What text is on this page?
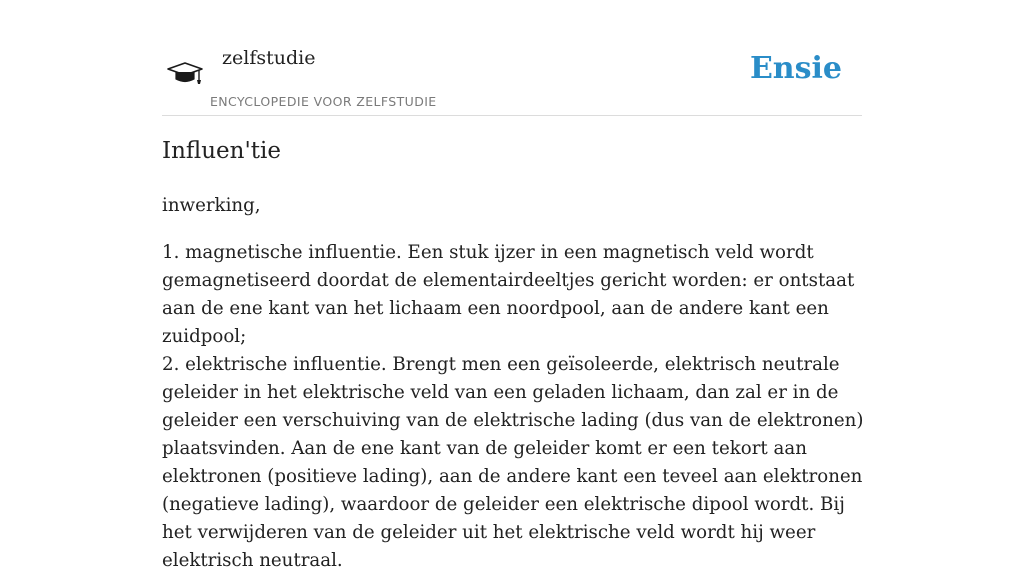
zelfstudie
ENCYCLOPEDIE VOOR ZELFSTUDIE
Ensie
Influen'tie

inwerking,

1. magnetische influentie. Een stuk ijzer in een magnetisch veld wordt gemagnetiseerd doordat de elementairdeeltjes gericht worden: er ontstaat aan de ene kant van het lichaam een noordpool, aan de andere kant een zuidpool;

2. elektrische influentie. Brengt men een geïsoleerde, elektrisch neutrale geleider in het elektrische veld van een geladen lichaam, dan zal er in de geleider een verschuiving van de elektrische lading (dus van de elektronen) plaatsvinden. Aan de ene kant van de geleider komt er een tekort aan elektronen (positieve lading), aan de andere kant een teveel aan elektronen (negatieve lading), waardoor de geleider een elektrische dipool wordt. Bij het verwijderen van de geleider uit het elektrische veld wordt hij weer elektrisch neutraal.
